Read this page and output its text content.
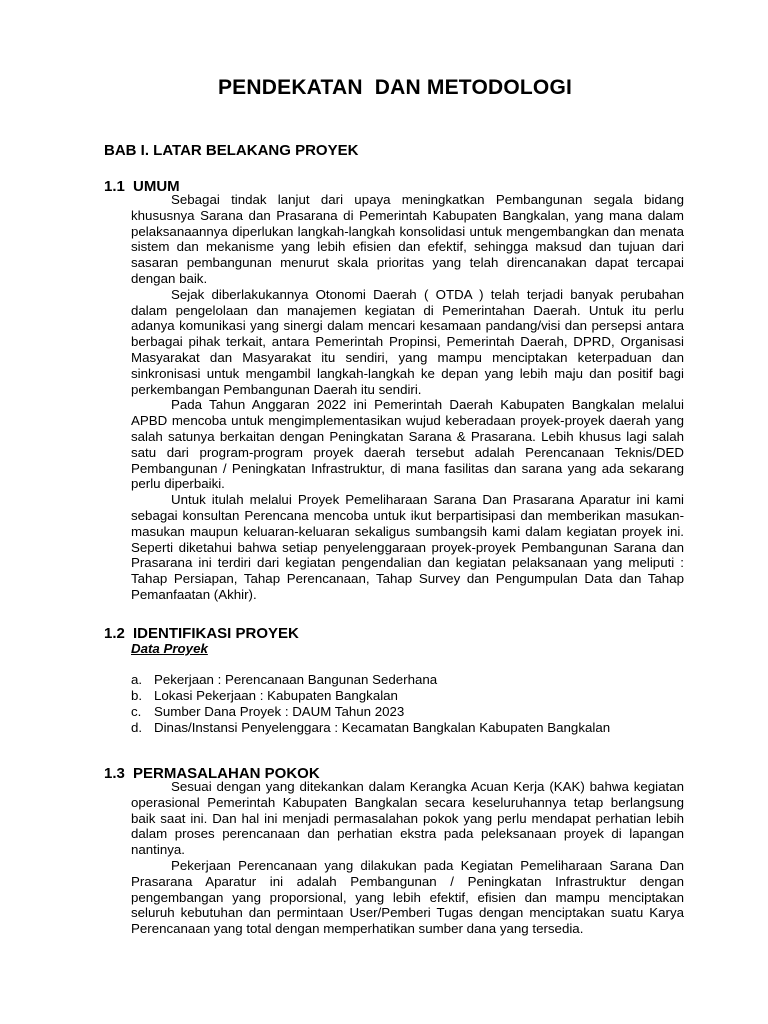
PENDEKATAN  DAN METODOLOGI
BAB I. LATAR BELAKANG PROYEK
1.1 UMUM

Sebagai tindak lanjut dari upaya meningkatkan Pembangunan segala bidang khususnya Sarana dan Prasarana di Pemerintah Kabupaten Bangkalan, yang mana dalam pelaksanaannya diperlukan langkah-langkah konsolidasi untuk mengembangkan dan menata sistem dan mekanisme yang lebih efisien dan efektif, sehingga maksud dan tujuan dari sasaran pembangunan menurut skala prioritas yang telah direncanakan dapat tercapai dengan baik.

Sejak diberlakukannya Otonomi Daerah ( OTDA ) telah terjadi banyak perubahan dalam pengelolaan dan manajemen kegiatan di Pemerintahan Daerah. Untuk itu perlu adanya komunikasi yang sinergi dalam mencari kesamaan pandang/visi dan persepsi antara berbagai pihak terkait, antara Pemerintah Propinsi, Pemerintah Daerah, DPRD, Organisasi Masyarakat dan Masyarakat itu sendiri, yang mampu menciptakan keterpaduan dan sinkronisasi untuk mengambil langkah-langkah ke depan yang lebih maju dan positif bagi perkembangan Pembangunan Daerah itu sendiri.

Pada Tahun Anggaran 2022 ini Pemerintah Daerah Kabupaten Bangkalan melalui APBD mencoba untuk mengimplementasikan wujud keberadaan proyek-proyek daerah yang salah satunya berkaitan dengan Peningkatan Sarana & Prasarana. Lebih khusus lagi salah satu dari program-program proyek daerah tersebut adalah Perencanaan Teknis/DED Pembangunan / Peningkatan Infrastruktur, di mana fasilitas dan sarana yang ada sekarang perlu diperbaiki.

Untuk itulah melalui Proyek Pemeliharaan Sarana Dan Prasarana Aparatur ini kami sebagai konsultan Perencana mencoba untuk ikut berpartisipasi dan memberikan masukan-masukan maupun keluaran-keluaran sekaligus sumbangsih kami dalam kegiatan proyek ini. Seperti diketahui bahwa setiap penyelenggaraan proyek-proyek Pembangunan Sarana dan Prasarana ini terdiri dari kegiatan pengendalian dan kegiatan pelaksanaan yang meliputi : Tahap Persiapan, Tahap Perencanaan, Tahap Survey dan Pengumpulan Data dan Tahap Pemanfaatan (Akhir).

1.2 IDENTIFIKASI PROYEK
Data Proyek
a. Pekerjaan : Perencanaan Bangunan Sederhana
b. Lokasi Pekerjaan : Kabupaten Bangkalan
c. Sumber Dana Proyek : DAUM Tahun 2023
d. Dinas/Instansi Penyelenggara : Kecamatan Bangkalan Kabupaten Bangkalan
1.3 PERMASALAHAN POKOK

Sesuai dengan yang ditekankan dalam Kerangka Acuan Kerja (KAK) bahwa kegiatan operasional Pemerintah Kabupaten Bangkalan secara keseluruhannya tetap berlangsung baik saat ini. Dan hal ini menjadi permasalahan pokok yang perlu mendapat perhatian lebih dalam proses perencanaan dan perhatian ekstra pada peleksanaan proyek di lapangan nantinya.

Pekerjaan Perencanaan yang dilakukan pada Kegiatan Pemeliharaan Sarana Dan Prasarana Aparatur ini adalah Pembangunan / Peningkatan Infrastruktur dengan pengembangan yang proporsional, yang lebih efektif, efisien dan mampu menciptakan seluruh kebutuhan dan permintaan User/Pemberi Tugas dengan menciptakan suatu Karya Perencanaan yang total dengan memperhatikan sumber dana yang tersedia.
